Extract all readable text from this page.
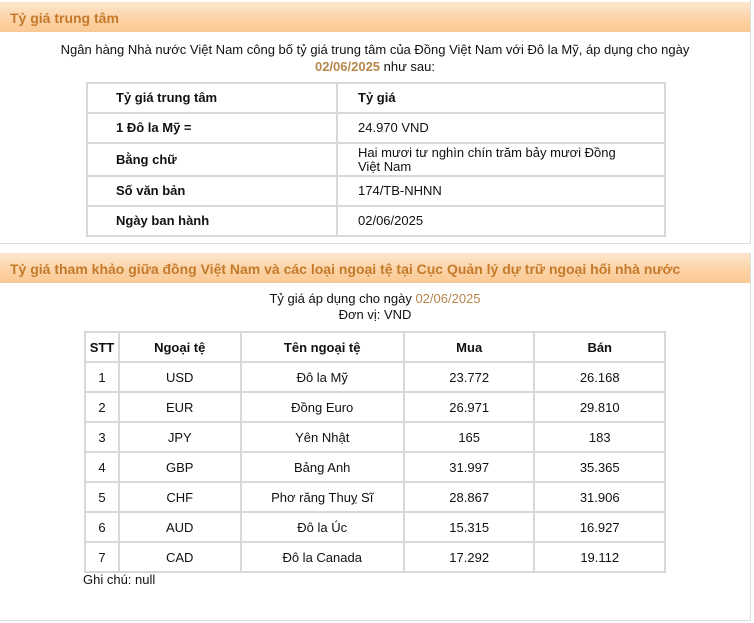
Tỷ giá trung tâm
Ngân hàng Nhà nước Việt Nam công bố tỷ giá trung tâm của Đồng Việt Nam với Đô la Mỹ, áp dụng cho ngày 02/06/2025 như sau:
Tỷ giá trung tâm	Tỷ giá
1 Đô la Mỹ =	24.970 VND
Bằng chữ	Hai mươi tư nghìn chín trăm bảy mươi Đồng Việt Nam
Số văn bản	174/TB-NHNN
Ngày ban hành	02/06/2025
Tỷ giá tham khảo giữa đồng Việt Nam và các loại ngoại tệ tại Cục Quản lý dự trữ ngoại hối nhà nước
Tỷ giá áp dụng cho ngày 02/06/2025
Đơn vị: VND
STT	Ngoại tệ	Tên ngoại tệ	Mua	Bán
1	USD	Đô la Mỹ	23.772	26.168
2	EUR	Đồng Euro	26.971	29.810
3	JPY	Yên Nhật	165	183
4	GBP	Bảng Anh	31.997	35.365
5	CHF	Phơ răng Thuỵ Sĩ	28.867	31.906
6	AUD	Đô la Úc	15.315	16.927
7	CAD	Đô la Canada	17.292	19.112
Ghi chú: null
